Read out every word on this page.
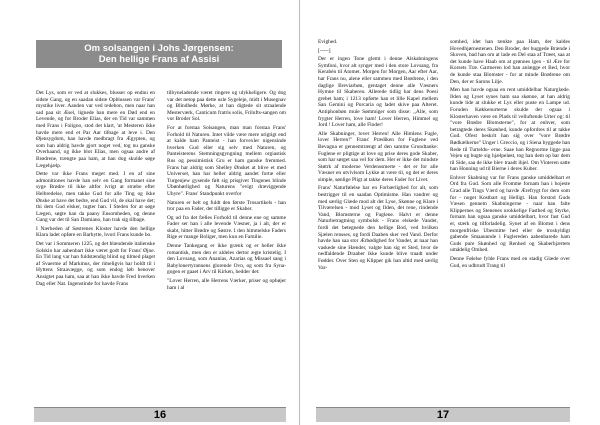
Om solsangen i Johs Jørgensen:
Den hellige Frans af Assisi

Det Lys, som er ved at slukkes, blusser op endnu en sidste Gang, og en saadan sidste Opblussen var Frans' mystike liver. Aanden var ved redebon, men naar han sad paa sit Æsel, lignede han mere en Død end en Levende, og for Broder Elias, der en Tid var sammen med Frans i Foligno, stod det klart, 'at Mesteren ikke havde mere end et Par Aar tilbage at leve i. Den Øjensygdom, han havde medbragt fra Ægypten, og som han aldrig havde gjort noget ved, tog nu ganske Overhaand, og ikke blot Elias, men ogsaa andre af Brødrene, trængte paa ham, at han dog skulde søge Lægehjælp.

Dette var ikke Frans meget med. I en af sine admonitiones havde han selv en Gang formanet sine syge Brødre til ikke altfor ivrigt at stræbe efter Helbredelse, men takke Gud for alle Ting og ikke Ønske at have det bedre, end Gud vil, de skal have det; thi dem Gud elsker, tugter han. I Steden for at søge Lægen, søgte han da paany Ensomheden, og denne Gang var det til San Damiano, han trak sig tilbage.

I Nærheden af Søstrenes Kloster havde den hellige Klara ladet opføre en Barhytte, hvori Frans kunde bo.

Det var i Sommeren 1225, og det blændende italienske Solskin har aabenbart ikke været godt for Frans' Øjne. En Tid lang var han fuldstændig blind og tilmed plaget af Svaerme af Markmus, der rimeligvis har holdt til i Hyttens Straavægge, og som endog løb henover Ansigtet paa ham, saa at han ikke havde Fred hverken Dag eller Nat. Ingenstinde for havde Frans

tilbyneladende været ringere og ulykkeligere. Og dog var det netop paa dette usle Sygeleje, midt i Musegnav og Blindheds Mørke, at han digtede sit straalende Mesterværk, Canticum fratris solis, Frilufts-sangen om vor Broder Sol.

For at forstaa Solsangen, man man forstaa Frans' Forhold til Naturen. Intet vilde være mere urigtigt end at kalde ham Panteist - han forvexler nigensinde hverken Gud eller sig selv med Naturen, og Panteisterens Stemningsgyngning mellem orgiastisk Rus og pessimistisk Gru er ham ganske fremmed. Frans har aldrig som Shelley Ønsket at blive et med Universet, han har heller aldrig aandet fortæ eller Turgenjew gysende følt sig prisgivet Tingenes blinde Ubønhørlighed og Naturens "evigt dræviggende Uhyre". Frans' Standpunkt overfor

Naturen er helt og fuldt den første Trosartikels - han tror paa en Fader, der tilligge er Skaber.

Og ud fra det fælles Forhold til denne ene og samme Fader ser han i alle levende Væsner, ja i alt, der er skabt, hitter Brødre og Søstre. I den himmelske Faders Rige er mange Boliger, men kun en Familie.

Denne Tankegang er ikke grænk og er heller ikke romantisk, men den er aldeles dertor ægte kristelig. I den Lovsang, som Ananias, Azarias og Missael sang i Babylonertyrannens glorende Ovn, og som fra Syna- gogen er gaaet i Arv til Kirken, hedder det:

"Lover Herren, alle Herrens Værker, priser og ophøjer ham i al

16

Evighed.

[-----]

Der er ingen Tone glemt i denne Alskabningens Symfoni, hvor alt synger med i den store Lovsang, fra Kerabén til Atomet. Morgen for Morgen, Aar efter Aar, har Frans nu, alene eller sammen med Brødrene, i den daglige Breviarbøn, gentaget denne alle Væsners Hymne til Skaberen. Allerede tidlig har dens Poesi grebet ham; i 1213 opførte han et lille Kapel mellem San Gemini og Porcaria og ladet skive paa Alteret. Antiphonbøn mule Sømmiger som disse: ,,Alle, som frygter Herren, love ham! Lover Herren, Himmel og Jord ! Lover ham, alle Floder!

Alle Skabninger, lover Herren! Alle Himlens Fugle, lover Herren!" Frans' Prædiken for Fuglene ved Bevagna er gennemtrængt af den samme Grundtanke: Fuglene er pligtige at love og prise deres gode Skaber, som har sørget saa vel for dem. Her er ikke det mindste Støtrk af moderne Verdenssmerte - det er for alle Væsner en utvivlsom Lykke at være til, og det er deres simple, sønlige Pligt at takke deres Fader for Livet.

Frans' Naturfølelse har en Forbærlighed for alt, som bestrigger til en saadan Optimisme. Han vandrer og med særlig Glæde mod alt det Lyse, Skønne og Klare i Tilværelsen - mod Lyset og Ilden, det rene, rindende Vand, Blomsterne og Fuglene. Halvt er denne Naturbetragtning symbolsk - Frans elskede Vandet, fordi det betegnede den hellige Bod, ved hvilken Sjælen rensses, og fordi Daaben sker ved Vand. Derfor havde han saa stor Ærbødighed for Vandet, at naar han vaskede sine Hænder, valgte han sig et Sted, hvor de nedfaldende Draaber ikke kunde blive traadt under Fødder. Over Sten og Klipper gik han altid med særlig Var-

somhed, idet han tænkte paa Ham, der kaldes Hovedhjørnestenen. Den Broder, der huggede Brænde i Skoven, bad han om at lade en Del staa af Træet, saa at det kunde have Haab om at grønnes igen - til Ære for Korsets Træ. Gartneren lod han anlægge et Bed, hvor de kunde staa Blomster - for at minde Brødrene om Den, der er Sarons Lilje.

Men han havde ogsaa en rent umiddelbar Naturglæde. Ilden og Lyset synes ham saa skønne, at han aldrig kunde lide at slukke et Lys eller puste en Lampe ud. Foruden Køkkenurterne skulde der ogsaa i Klosterhaven være en Plads til velluftende Urter og: til "vore Brødre Blomsterne", for at enhver, som betragtede deres Skønhed, kunde opfordres til at takke Gud. Ofest beskrit han sig over "vore Brødre Rødkælkerne" Unger i Greccio, og i Siena byggede han Rede til Turteldu- erne. Saae han Regnorme ligge paa Vejen og bugte sig hjælpeløst, tog han dem op bar dem til Side, saa de ikke blev traadt ihjel. Om Vinteren satte han Honning ud til Bierne i deres Kuber.

Enhver Skabning var for Frans ganske umiddelbart et Ord fra Gud. Som alle Fromme fornam han i hojeste Grad alle Tings Værd og havde Ærefrygt for dem som for - noget Kostbart og Helligt. Han forstod Guds Væsen gennem Skabningerne - naar han falte Klippernes og Stenenes urokkelige Fasthed og Styrke, fornam han ogsaa ganske umiddelbart, hvor fast Gud er, stærk og tilforladelig. Synet af en Blomst i dens morgenfriske Ubesmitte hed eller de troskyldigt gabende Smaaunnde i Fuglereden aabenbarede ham Guds pure Skønhed og Renhed og Skaberhjærtets umådelig Omhed.

Denne Følelse fylde Frans med en stadig Glæde over Gud, en udbrudt Trang til

17
